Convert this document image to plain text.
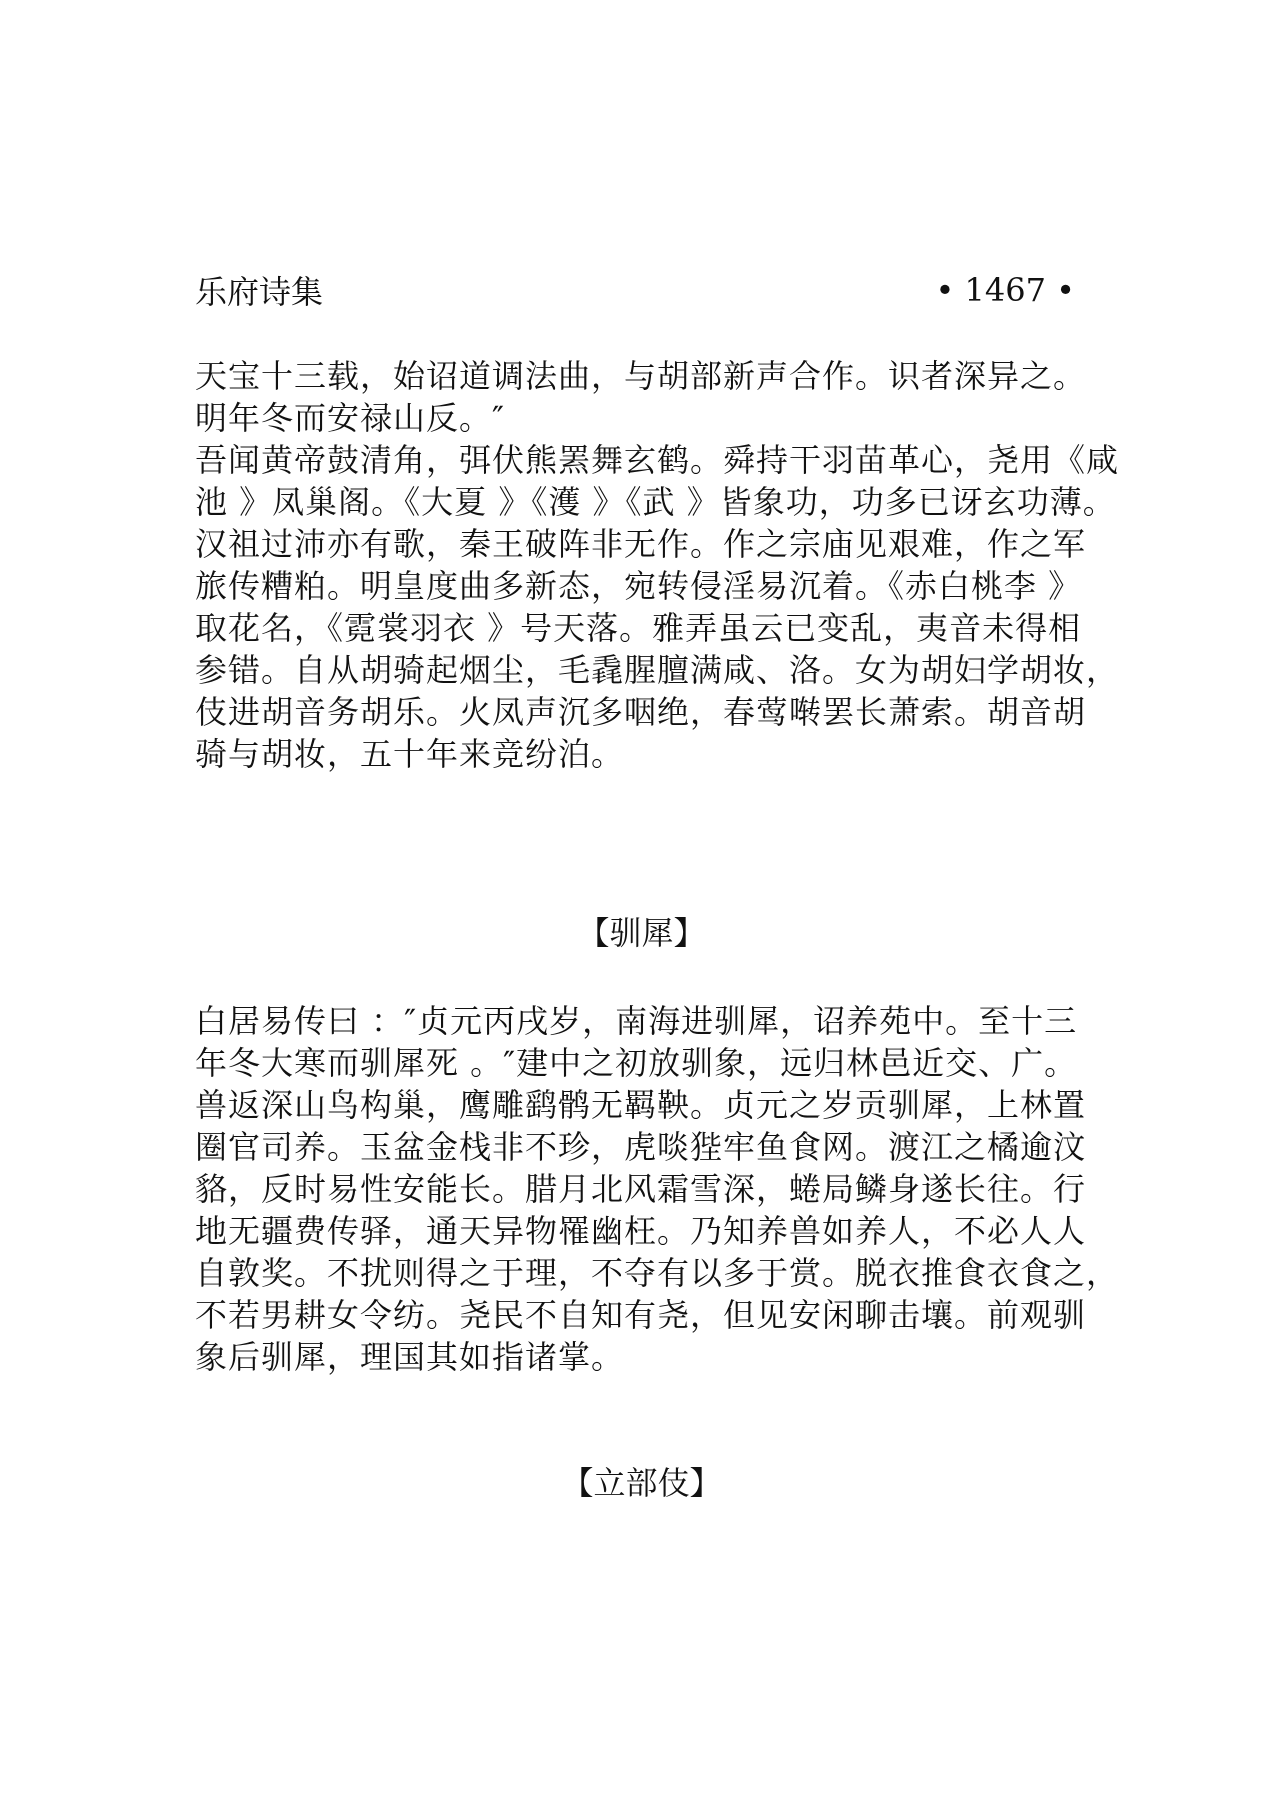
乐府诗集	• 1467 •

天宝十三载，始诏道调法曲，与胡部新声合作。识者深异之。

明年冬而安禄山反。″

吾闻黄帝鼓清角，弭伏熊罴舞玄鹤。舜持干羽苗革心，尧用《咸

池 》凤巢阁。《大夏 》《濩 》《武 》皆象功，功多已讶玄功薄。

汉祖过沛亦有歌，秦王破阵非无作。作之宗庙见艰难，作之军

旅传糟粕。明皇度曲多新态，宛转侵淫易沉着。《赤白桃李 》

取花名，《霓裳羽衣 》号天落。雅弄虽云已变乱，夷音未得相

参错。自从胡骑起烟尘，毛毳腥膻满咸、洛。女为胡妇学胡妆，

伎进胡音务胡乐。火凤声沉多咽绝，春莺啭罢长萧索。胡音胡

骑与胡妆，五十年来竞纷泊。

【驯犀】

白居易传曰 ：″贞元丙戌岁，南海进驯犀，诏养苑中。至十三

年冬大寒而驯犀死 。″建中之初放驯象，远归林邑近交、广。

兽返深山鸟构巢，鹰雕鹞鹘无羁鞅。贞元之岁贡驯犀，上林置

圈官司养。玉盆金栈非不珍，虎啖狴牢鱼食网。渡江之橘逾汶

貉，反时易性安能长。腊月北风霜雪深，蜷局鳞身遂长往。行

地无疆费传驿，通天异物罹幽枉。乃知养兽如养人，不必人人

自敦奖。不扰则得之于理，不夺有以多于赏。脱衣推食衣食之，

不若男耕女令纺。尧民不自知有尧，但见安闲聊击壤。前观驯

象后驯犀，理国其如指诸掌。

【立部伎】
